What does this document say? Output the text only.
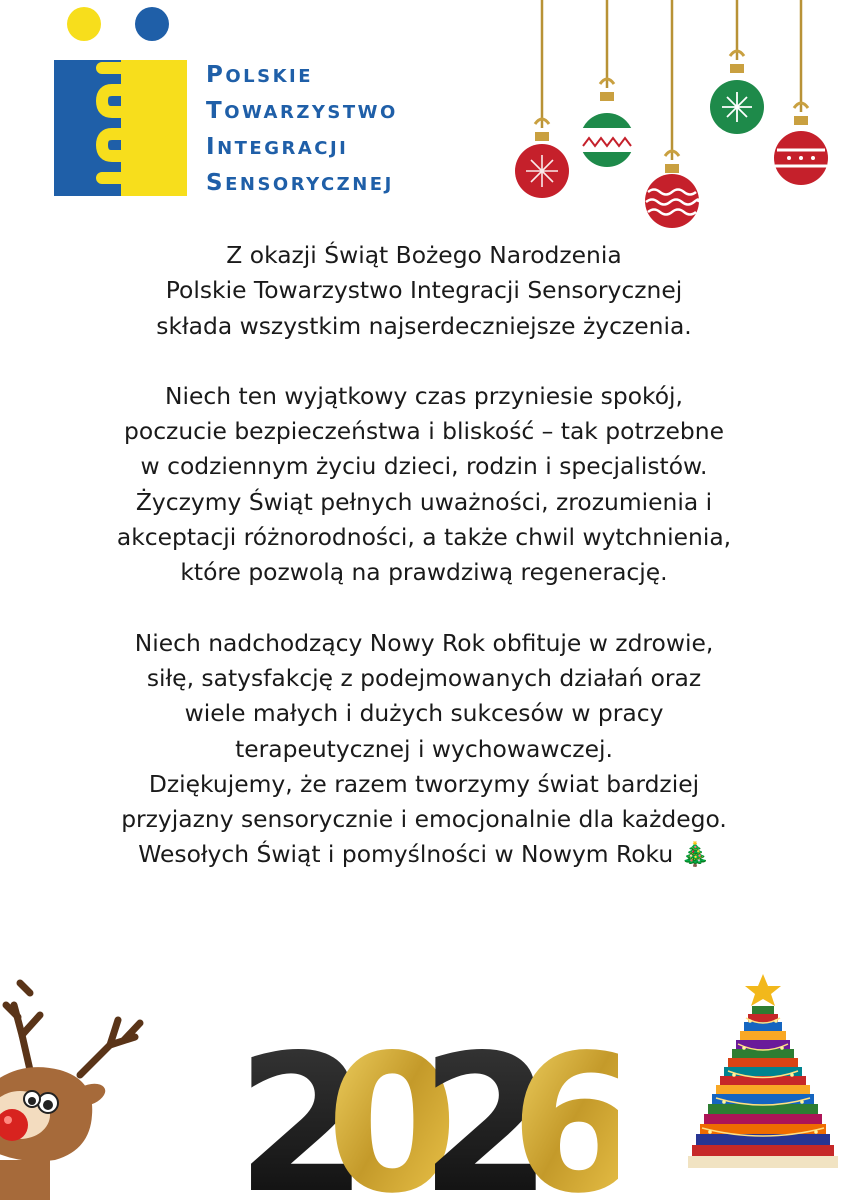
POLSKIE
TOWARZYSTWO
INTEGRACJI
SENSORYCZNEJ

Z okazji Świąt Bożego Narodzenia

Polskie Towarzystwo Integracji Sensorycznej

składa wszystkim najserdeczniejsze życzenia.

Niech ten wyjątkowy czas przyniesie spokój,

poczucie bezpieczeństwa i bliskość – tak potrzebne

w codziennym życiu dzieci, rodzin i specjalistów.

Życzymy Świąt pełnych uważności, zrozumienia i

akceptacji różnorodności, a także chwil wytchnienia,

które pozwolą na prawdziwą regenerację.

Niech nadchodzący Nowy Rok obfituje w zdrowie,

siłę, satysfakcję z podejmowanych działań oraz

wiele małych i dużych sukcesów w pracy

terapeutycznej i wychowawczej.

Dziękujemy, że razem tworzymy świat bardziej

przyjazny sensorycznie i emocjonalnie dla każdego.

Wesołych Świąt i pomyślności w Nowym Roku 🎄

2
0
2
6
